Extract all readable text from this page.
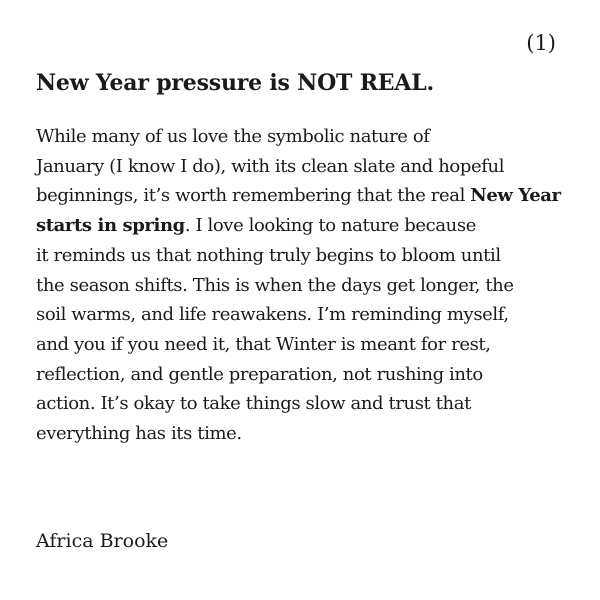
(1)
New Year pressure is NOT REAL.

While many of us love the symbolic nature of
January (I know I do), with its clean slate and hopeful
beginnings, it’s worth remembering that the real New Year starts in spring. I love looking to nature because
it reminds us that nothing truly begins to bloom until
the season shifts. This is when the days get longer, the
soil warms, and life reawakens. I’m reminding myself,
and you if you need it, that Winter is meant for rest,
reflection, and gentle preparation, not rushing into
action. It’s okay to take things slow and trust that
everything has its time.

Africa Brooke
